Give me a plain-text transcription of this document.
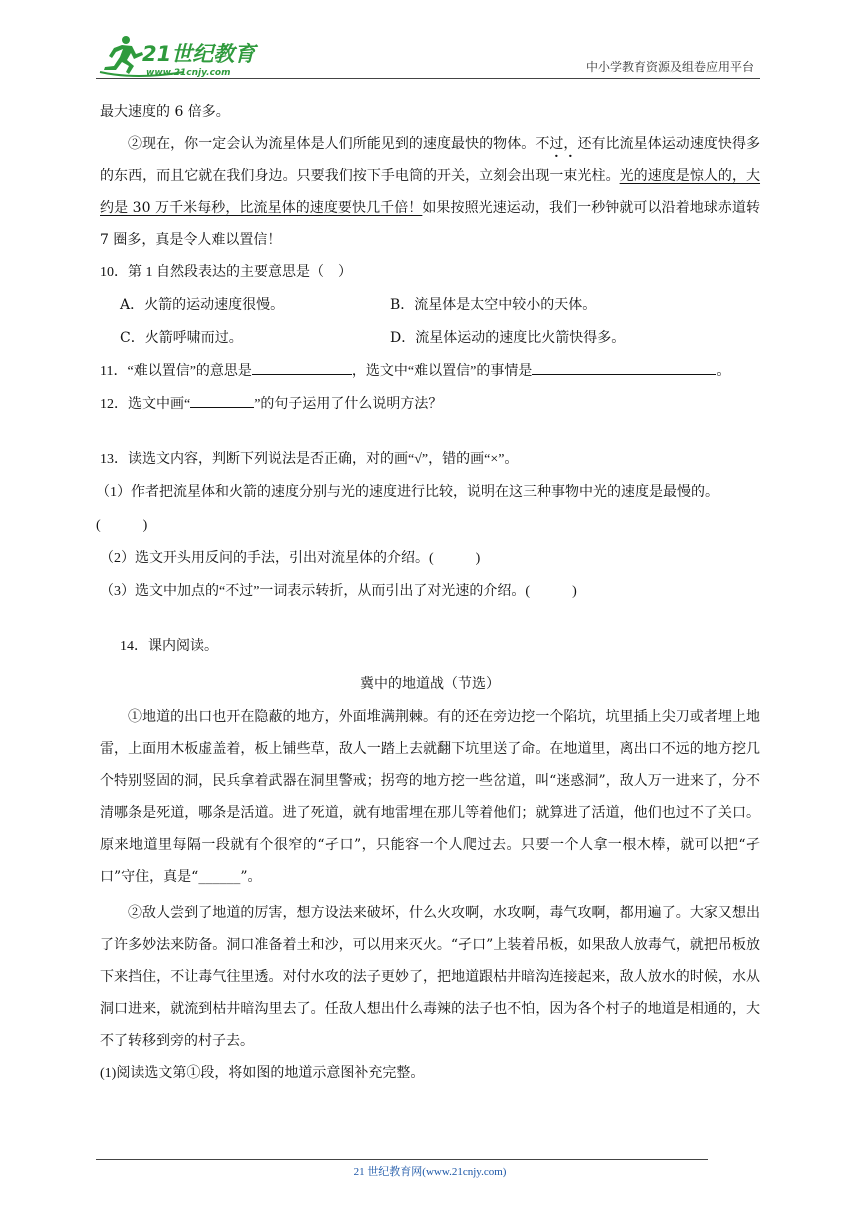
21世纪教育
www.21cnjy.com	中小学教育资源及组卷应用平台

最大速度的 6 倍多。

②现在，你一定会认为流星体是人们所能见到的速度最快的物体。不过，还有比流星体运动速度快得多的东西，而且它就在我们身边。只要我们按下手电筒的开关，立刻会出现一束光柱。光的速度是惊人的，大约是 30 万千米每秒，比流星体的速度要快几千倍！如果按照光速运动，我们一秒钟就可以沿着地球赤道转 7 圈多，真是令人难以置信！

10．第 1 自然段表达的主要意思是（　）

A．火箭的运动速度很慢。	B．流星体是太空中较小的天体。
C．火箭呼啸而过。	D．流星体运动的速度比火箭快得多。

11．“难以置信”的意思是	，选文中“难以置信”的事情是	。

12．选文中画“	”的句子运用了什么说明方法？

13．读选文内容，判断下列说法是否正确，对的画“√”，错的画“×”。

（1）作者把流星体和火箭的速度分别与光的速度进行比较，说明在这三种事物中光的速度是最慢的。

(　　　)

（2）选文开头用反问的手法，引出对流星体的介绍。(　　　)

（3）选文中加点的“不过”一词表示转折，从而引出了对光速的介绍。(　　　)

14．课内阅读。

冀中的地道战（节选）

①地道的出口也开在隐蔽的地方，外面堆满荆棘。有的还在旁边挖一个陷坑，坑里插上尖刀或者埋上地雷，上面用木板虚盖着，板上铺些草，敌人一踏上去就翻下坑里送了命。在地道里，离出口不远的地方挖几个特别竖固的洞，民兵拿着武器在洞里警戒；拐弯的地方挖一些岔道，叫“迷惑洞”，敌人万一进来了，分不清哪条是死道，哪条是活道。进了死道，就有地雷埋在那儿等着他们；就算进了活道，他们也过不了关口。原来地道里每隔一段就有个很窄的“孑口”，只能容一个人爬过去。只要一个人拿一根木棒，就可以把“孑口”守住，真是“______”。

②敌人尝到了地道的厉害，想方设法来破坏，什么火攻啊，水攻啊，毒气攻啊，都用遍了。大家又想出了许多妙法来防备。洞口准备着土和沙，可以用来灭火。“孑口”上装着吊板，如果敌人放毒气，就把吊板放下来挡住，不让毒气往里透。对付水攻的法子更妙了，把地道跟枯井暗沟连接起来，敌人放水的时候，水从洞口进来，就流到枯井暗沟里去了。任敌人想出什么毒辣的法子也不怕，因为各个村子的地道是相通的，大不了转移到旁的村子去。

(1)阅读选文第①段，将如图的地道示意图补充完整。

21 世纪教育网(www.21cnjy.com)
